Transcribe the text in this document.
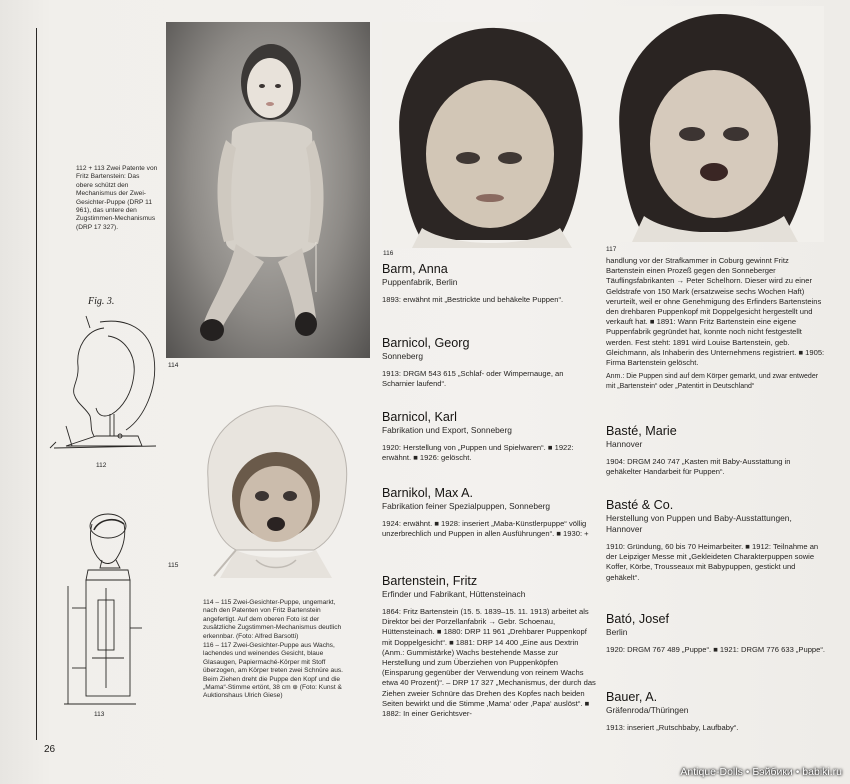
112 + 113 Zwei Patente von Fritz Bartenstein: Das obere schützt den Mechanismus der Zwei-Gesichter-Puppe (DRP 11 961), das untere den Zugstimmen-Mechanismus (DRP 17 327).
Fig. 3.
112
113
114
115
114 – 115 Zwei-Gesichter-Puppe, ungemarkt, nach den Patenten von Fritz Bartenstein angefertigt. Auf dem oberen Foto ist der zusätzliche Zugstimmen-Mechanismus deutlich erkennbar. (Foto: Alfred Barsotti)
116 – 117 Zwei-Gesichter-Puppe aus Wachs, lachendes und weinendes Gesicht, blaue Glasaugen, Papiermaché-Körper mit Stoff überzogen, am Körper treten zwei Schnüre aus. Beim Ziehen dreht die Puppe den Kopf und die „Mama“-Stimme ertönt, 38 cm ⊕ (Foto: Kunst & Auktionshaus Ulrich Giese)
116
117
Barm, Anna
Puppenfabrik, Berlin
1893: erwähnt mit „Bestrickte und behäkelte Puppen“.
Barnicol, Georg
Sonneberg
1913: DRGM 543 615 „Schlaf- oder Wimpernauge, an Scharnier laufend“.
Barnicol, Karl
Fabrikation und Export, Sonneberg
1920: Herstellung von „Puppen und Spielwaren“. ■ 1922: erwähnt. ■ 1926: gelöscht.
Barnikol, Max A.
Fabrikation feiner Spezialpuppen, Sonneberg
1924: erwähnt. ■ 1928: inseriert „Maba-Künstlerpuppe“ völlig unzerbrechlich und Puppen in allen Ausführungen“. ■ 1930: +
Bartenstein, Fritz
Erfinder und Fabrikant, Hüttensteinach
1864: Fritz Bartenstein (15. 5. 1839–15. 11. 1913) arbeitet als Direktor bei der Porzellanfabrik → Gebr. Schoenau, Hüttensteinach. ■ 1880: DRP 11 961 „Drehbarer Puppenkopf mit Doppelgesicht“. ■ 1881: DRP 14 400 „Eine aus Dextrin (Anm.: Gummistärke) Wachs bestehende Masse zur Herstellung und zum Überziehen von Puppenköpfen (Einsparung gegenüber der Verwendung von reinem Wachs etwa 40 Prozent)“. – DRP 17 327 „Mechanismus, der durch das Ziehen zweier Schnüre das Drehen des Kopfes nach beiden Seiten bewirkt und die Stimme ‚Mama‘ oder ‚Papa‘ auslöst“. ■ 1882: In einer Gerichtsver-
handlung vor der Strafkammer in Coburg gewinnt Fritz Bartenstein einen Prozeß gegen den Sonneberger Täuflingsfabrikanten → Peter Schelhorn. Dieser wird zu einer Geldstrafe von 150 Mark (ersatzweise sechs Wochen Haft) verurteilt, weil er ohne Genehmigung des Erfinders Bartensteins den drehbaren Puppenkopf mit Doppelgesicht hergestellt und verkauft hat. ■ 1891: Wann Fritz Bartenstein eine eigene Puppenfabrik gegründet hat, konnte noch nicht festgestellt werden. Fest steht: 1891 wird Louise Bartenstein, geb. Gleichmann, als Inhaberin des Unternehmens registriert. ■ 1905: Firma Bartenstein gelöscht.
Anm.: Die Puppen sind auf dem Körper gemarkt, und zwar entweder mit „Bartenstein“ oder „Patentirt in Deutschland“
Basté, Marie
Hannover
1904: DRGM 240 747 „Kasten mit Baby-Ausstattung in gehäkelter Handarbeit für Puppen“.
Basté & Co.
Herstellung von Puppen und Baby-Ausstattungen, Hannover
1910: Gründung, 60 bis 70 Heimarbeiter. ■ 1912: Teilnahme an der Leipziger Messe mit „Gekleideten Charakterpuppen sowie Koffer, Körbe, Trousseaux mit Babypuppen, gestickt und gehäkelt“.
Bató, Josef
Berlin
1920: DRGM 767 489 „Puppe“. ■ 1921: DRGM 776 633 „Puppe“.
Bauer, A.
Gräfenroda/Thüringen
1913: inseriert „Rutschbaby, Laufbaby“.
26
Antique-Dolls • Бэйбики • babiki.ru
